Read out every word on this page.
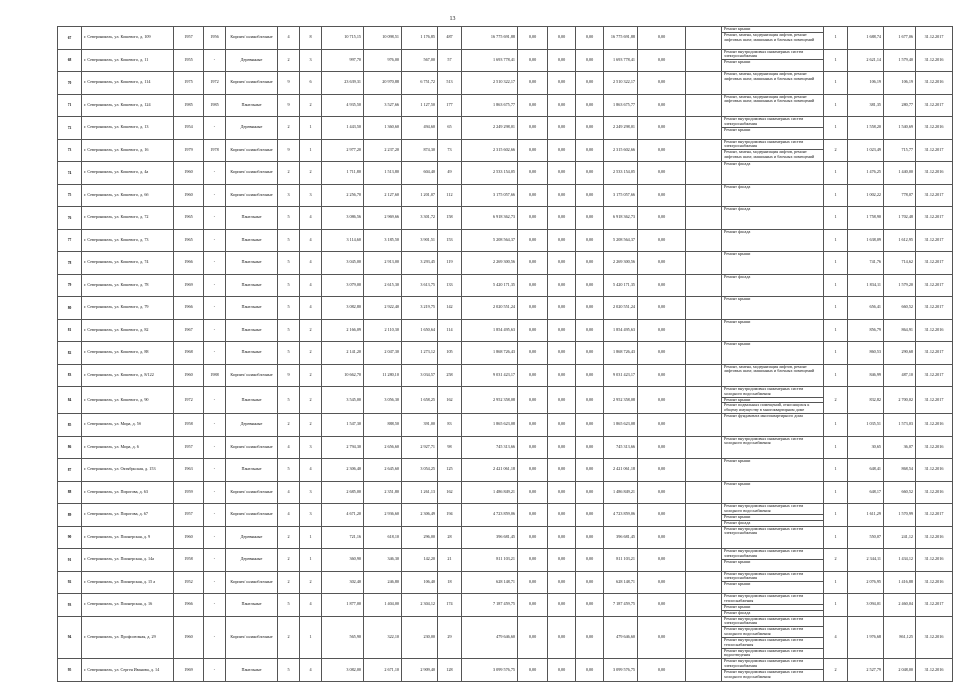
13
67	г. Североникель, ул. Кошевого, д. 109	1957	1956	Кирпич/ шлакоблочные	4	8	10 715,15	10 098,51	1 176,85	487	16 775 691,88	0,00	0,00	0,00	16 775 691,88	0,00		Ремонт крыши
Ремонт, замена, модернизация лифтов, ремонт лифтовых шахт, машинных и блочных помещений	1	1 688,74	1 677,06	31.12.2017
68	г. Североникель, ул. Кошевого, д. 11	1955	-	Деревянные	2	3	997,70	976,00	567,00	57	1 693 778,41	0,00	0,00	0,00	1 693 778,41	0,00		Ремонт внутридомовых инженерных систем электроснабжения
Ремонт крыши	1	2 621,14	1 579,40	31.12.2016
70	г. Североникель, ул. Кошевого, д. 114	1975	1972	Кирпич/ шлакоблочные	9	6	23 639,31	20 970,88	6 751,72	513	2 510 322,17	0,00	0,00	0,00	2 510 322,17	0,00		Ремонт, замена, модернизация лифтов, ремонт лифтовых шахт, машинных и блочных помещений	1	106,19	106,19	31.12.2016
71	г. Североникель, ул. Кошевого, д. 124	1985	1985	Панельные	9	2	4 935,50	3 527,66	1 127,50	177	1 863 675,77	0,00	0,00	0,00	1 863 675,77	0,00		Ремонт, замена, модернизация лифтов, ремонт лифтовых шахт, машинных и блочных помещений	1	381,35	280,77	31.12.2017
72	г. Североникель, ул. Кошевого, д. 13	1954	-	Деревянные	2	1	1 443,50	1 360,60	494,60	65	2 249 298,01	0,00	0,00	0,00	2 249 298,01	0,00		Ремонт внутридомовых инженерных систем электроснабжения
Ремонт крыши	1	1 558,20	1 540,69	31.12.2016
73	г. Североникель, ул. Кошевого, д. 16	1979	1978	Кирпич/ шлакоблочные	9	1	2 977,20	2 237,20	874,30	73	2 315 602,66	0,00	0,00	0,00	2 315 602,66	0,00		Ремонт внутридомовых инженерных систем электроснабжения
Ремонт, замена, модернизация лифтов, ремонт лифтовых шахт, машинных и блочных помещений	2	1 023,49	715,77	31.12.2017
74	г. Североникель, ул. Кошевого, д. 4а	1960	-	Кирпич/ шлакоблочные	2	2	1 711,80	1 513,80	604,40	49	2 533 154,05	0,00	0,00	0,00	2 533 154,05	0,00		Ремонт фасада	1	1 476,25	1 440,00	31.12.2016
75	г. Североникель, ул. Кошевого, д. 6б	1960	-	Кирпич/ шлакоблочные	3	3	2 256,70	2 127,60	1 201,07	112	3 175 057,66	0,00	0,00	0,00	3 175 057,66	0,00		Ремонт фасада	1	1 002,22	778,07	31.12.2017
76	г. Североникель, ул. Кошевого, д. 72	1965	-	Панельные	5	4	3 086,56	2 969,66	3 301,72	158	6 918 362,73	0,00	0,00	0,00	6 918 362,73	0,00		Ремонт фасада	1	1 758,90	1 702,48	31.12.2017
77	г. Североникель, ул. Кошевого, д. 73	1965	-	Панельные	5	4	3 114,60	3 185,50	3 901,51	153	5 208 564,37	0,00	0,00	0,00	5 208 564,37	0,00		Ремонт фасада	1	1 638,09	1 612,95	31.12.2017
78	г. Североникель, ул. Кошевого, д. 74	1966	-	Панельные	5	4	3 045,00	2 913,00	3 293,45	119	2 269 300,56	0,00	0,00	0,00	2 269 300,56	0,00		Ремонт крыши	1	741,76	714,62	31.12.2017
79	г. Североникель, ул. Кошевого, д. 78	1969	-	Панельные	5	4	3 079,00	2 615,30	3 613,75	133	5 420 171,35	0,00	0,00	0,00	5 420 171,35	0,00		Ремонт фасада	1	1 834,11	1 579,20	31.12.2017
80	г. Североникель, ул. Кошевого, д. 79	1966	-	Панельные	5	4	3 082,80	2 922,40	3 219,75	142	2 020 551,24	0,00	0,00	0,00	2 020 551,24	0,00		Ремонт крыши	1	656,41	660,52	31.12.2017
81	г. Североникель, ул. Кошевого, д. 82	1967	-	Панельные	5	2	2 166,09	2 110,30	1 650,64	114	1 854 495,63	0,00	0,00	0,00	1 854 495,63	0,00		Ремонт крыши	1	856,79	864,91	31.12.2016
82	г. Североникель, ул. Кошевого, д. 88	1968	-	Панельные	5	2	2 141,20	2 047,30	1 273,12	105	1 868 726,43	0,00	0,00	0,00	1 868 726,43	0,00		Ремонт крыши	1	860,53	290,68	31.12.2017
83	г. Североникель, ул. Кошевого, д. 8/122	1960	1988	Кирпич/ шлакоблочные	9	2	10 662,70	11 280,10	3 034,57	258	9 031 423,17	0,00	0,00	0,00	9 031 423,17	0,00		Ремонт, замена, модернизация лифтов, ремонт лифтовых шахт, машинных и блочных помещений	1	846,99	487,10	31.12.2017
84	г. Североникель, ул. Кошевого, д. 90	1972	-	Панельные	5	2	3 545,00	3 056,30	1 658,25	162	2 952 358,08	0,00	0,00	0,00	2 952 358,08	0,00		Ремонт внутридомовых инженерных систем холодного водоснабжения
Ремонт крыши
Ремонт подвальных помещений, относящихся к общему имуществу в многоквартирном доме	2	832,82	2 700,02	31.12.2017
85	г. Североникель, ул. Мира, д. 5б	1958	-	Деревянные	2	2	1 547,30	888,50	391,00	83	1 865 623,08	0,00	0,00	0,00	1 865 623,08	0,00		Ремонт фундамента многоквартирного дома	1	1 035,51	1 573,03	31.12.2016
86	г. Североникель, ул. Мира, д. 6	1957	-	Кирпич/ шлакоблочные	4	3	2 794,30	2 656,60	2 927,71	98	745 313,66	0,00	0,00	0,00	745 313,66	0,00		Ремонт внутридомовых инженерных систем холодного водоснабжения	1	30,65	36,07	31.12.2016
87	г. Североникель, ул. Октябрьская, д. 153	1963	-	Панельные	5	4	2 306,40	2 645,60	3 054,25	125	2 421 061,18	0,00	0,00	0,00	2 421 061,18	0,00		Ремонт крыши	1	648,41	868,54	31.12.2016
88	г. Североникель, ул. Пирогова, д. 63	1959	-	Кирпич/ шлакоблочные	4	3	2 685,00	2 351,80	1 261,13	162	1 486 849,21	0,00	0,00	0,00	1 486 849,21	0,00		Ремонт крыши	1	648,17	660,52	31.12.2016
89	г. Североникель, ул. Пирогова, д. 67	1957	-	Кирпич/ шлакоблочные	4	3	4 671,20	2 936,60	2 306,49	194	4 723 859,06	0,00	0,00	0,00	4 723 859,06	0,00		Ремонт внутридомовых инженерных систем холодного водоснабжения
Ремонт крыши
Ремонт фасада	1	1 611,29	1 570,99	31.12.2017
90	г. Североникель, ул. Пионерская, д. 9	1960	-	Деревянные	2	1	721,16	618,10	296,00	28	396 681,45	0,00	0,00	0,00	396 681,45	0,00		Ремонт внутридомовых инженерных систем электроснабжения	1	550,07	241,12	31.12.2016
91	г. Североникель, ул. Пионерская, д. 14а	1958	-	Деревянные	2	1	360,90	346,30	142,20	21	811 103,21	0,00	0,00	0,00	811 103,21	0,00		Ремонт внутридомовых инженерных систем электроснабжения
Ремонт крыши	2	2 344,11	1 434,12	31.12.2016
92	г. Североникель, ул. Пионерская, д. 15 а	1952	-	Кирпич/ шлакоблочные	2	2	302,40	246,80	106,40	18	628 148,71	0,00	0,00	0,00	628 148,71	0,00		Ремонт внутридомовых инженерных систем электроснабжения
Ремонт крыши	1	2 076,95	1 416,88	31.12.2016
93	г. Североникель, ул. Пионерская, д. 16	1966	-	Панельные	5	4	1 877,00	1 404,00	2 304,12	174	7 187 459,75	0,00	0,00	0,00	7 187 459,75	0,00		Ремонт внутридомовых инженерных систем теплоснабжения
Ремонт крыши
Ремонт фасада	1	3 094,01	2 460,04	31.12.2017
94	г. Североникель, ул. Профсоюзная, д. 29	1960	-	Кирпич/ шлакоблочные	2	1	565,90	322,10	230,00	29	479 646,60	0,00	0,00	0,00	479 646,60	0,00		Ремонт внутридомовых инженерных систем электроснабжения
Ремонт внутридомовых инженерных систем холодного водоснабжения
Ремонт внутридомовых инженерных систем теплоснабжения
Ремонт внутридомовых инженерных систем водоотведения	4	1 976,68	861,125	31.12.2016
95	г. Североникель, ул. Сергея Иванова, д. 14	1969	-	Панельные	5	4	3 082,00	2 671,10	2 909,40	128	3 099 576,75	0,00	0,00	0,00	3 099 576,75	0,00		Ремонт внутридомовых инженерных систем электроснабжения
Ремонт внутридомовых инженерных систем холодного водоснабжения	2	2 527,79	2 048,00	31.12.2016
